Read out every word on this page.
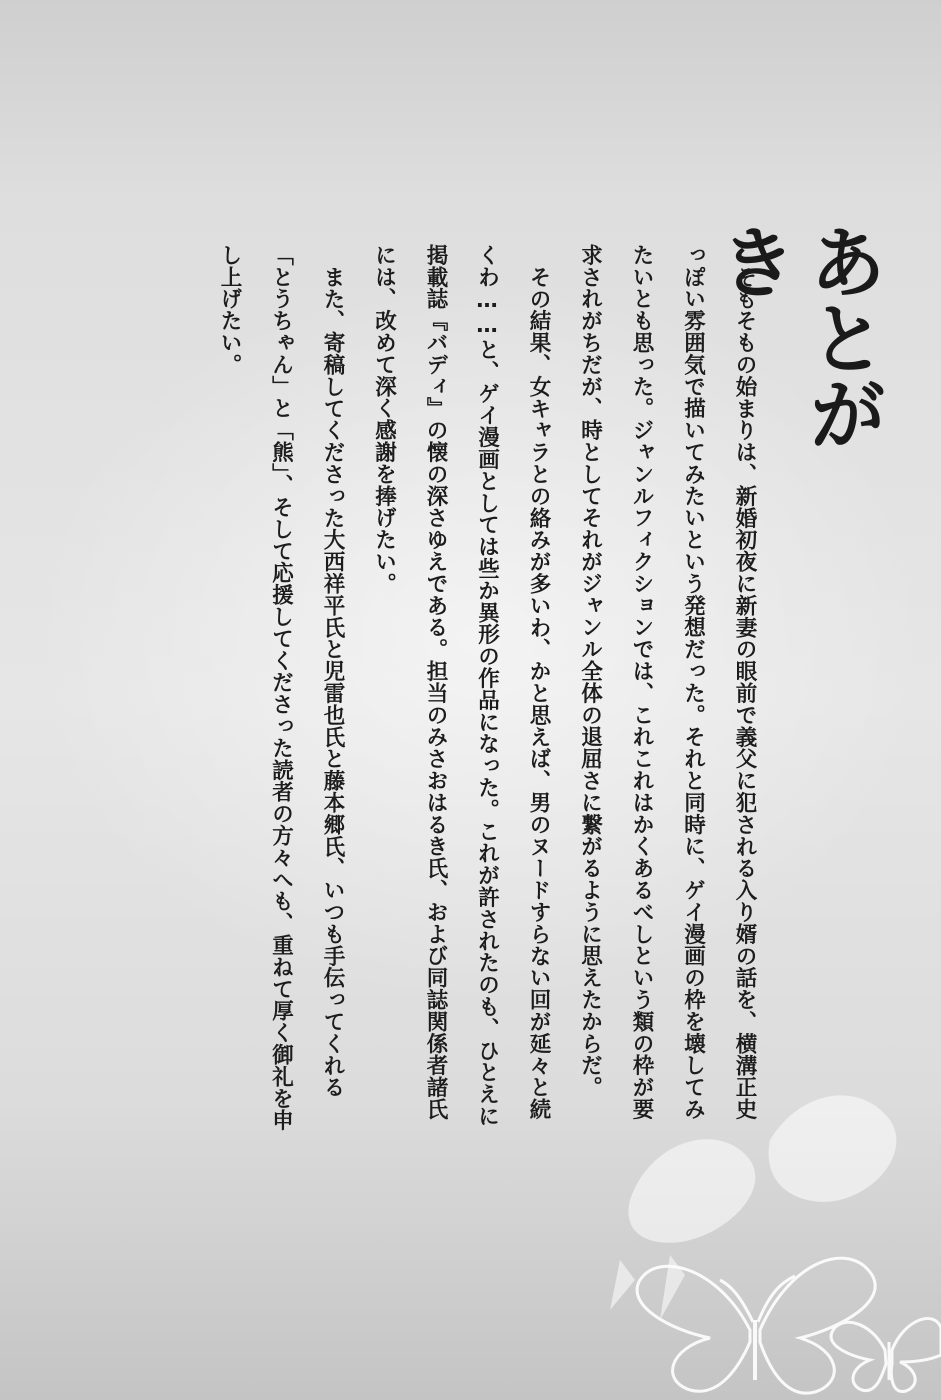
あとがき

そもそもの始まりは、新婚初夜に新妻の眼前で義父に犯される入り婿の話を、横溝正史っぽい雰囲気で描いてみたいという発想だった。それと同時に、ゲイ漫画の枠を壊してみたいとも思った。ジャンルフィクションでは、これこれはかくあるべしという類の枠が要求されがちだが、時としてそれがジャンル全体の退屈さに繋がるように思えたからだ。

その結果、女キャラとの絡みが多いわ、かと思えば、男のヌードすらない回が延々と続くわ……と、ゲイ漫画としては些か異形の作品になった。これが許されたのも、ひとえに掲載誌『バディ』の懐の深さゆえである。担当のみさおはるき氏、および同誌関係者諸氏には、改めて深く感謝を捧げたい。

また、寄稿してくださった大西祥平氏と児雷也氏と藤本郷氏、いつも手伝ってくれる「とうちゃん」と「熊」、そして応援してくださった読者の方々へも、重ねて厚く御礼を申し上げたい。
